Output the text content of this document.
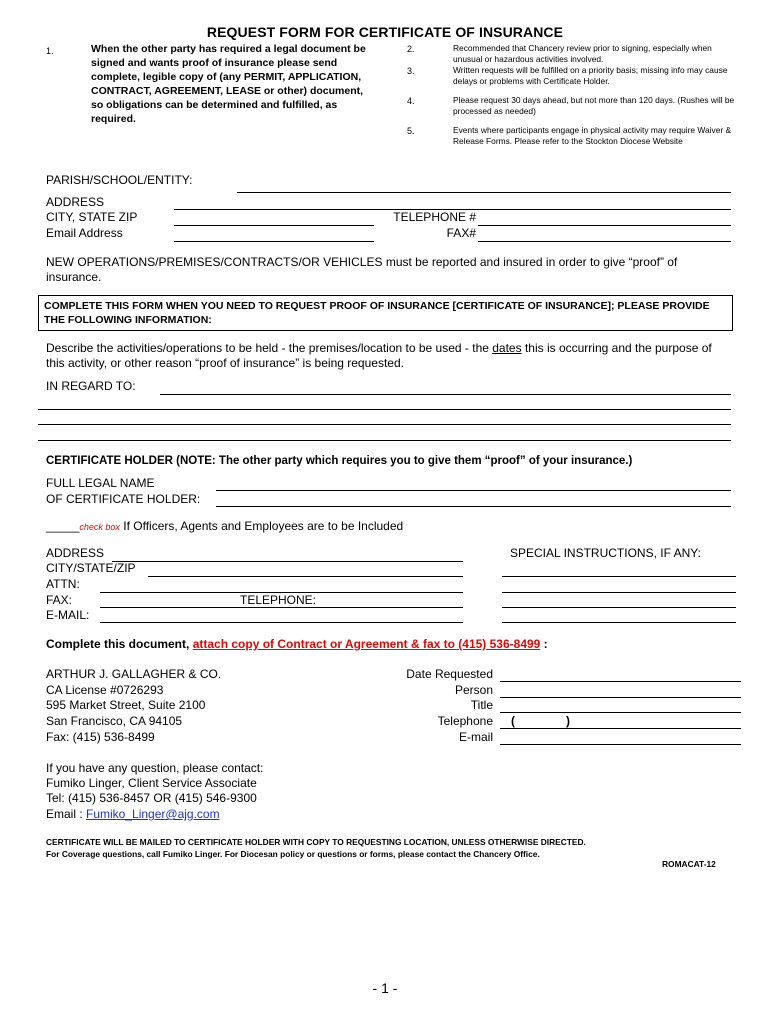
REQUEST FORM FOR CERTIFICATE OF INSURANCE
1.	When the other party has required a legal document be signed and wants proof of insurance please send complete, legible copy of (any PERMIT, APPLICATION, CONTRACT, AGREEMENT, LEASE or other) document, so obligations can be determined and fulfilled, as required.
2.	Recommended that Chancery review prior to signing, especially when unusual or hazardous activities involved.
3.	Written requests will be fulfilled on a priority basis; missing info may cause delays or problems with Certificate Holder.
4.	Please request 30 days ahead, but not more than 120 days. (Rushes will be processed as needed)
5.	Events where participants engage in physical activity may require Waiver & Release Forms. Please refer to the Stockton Diocese Website
PARISH/SCHOOL/ENTITY:
ADDRESS
CITY, STATE ZIP	TELEPHONE #
Email Address	FAX#
NEW OPERATIONS/PREMISES/CONTRACTS/OR VEHICLES must be reported and insured in order to give “proof” of insurance.
COMPLETE THIS FORM WHEN YOU NEED TO REQUEST PROOF OF INSURANCE [CERTIFICATE OF INSURANCE]; PLEASE PROVIDE THE FOLLOWING INFORMATION:
Describe the activities/operations to be held - the premises/location to be used - the dates this is occurring and the purpose of this activity, or other reason “proof of insurance” is being requested.
IN REGARD TO:
CERTIFICATE HOLDER (NOTE: The other party which requires you to give them “proof” of your insurance.)
FULL LEGAL NAME
OF CERTIFICATE HOLDER:
_____check box If Officers, Agents and Employees are to be Included
ADDRESS
CITY/STATE/ZIP
ATTN:
FAX:	TELEPHONE:
E-MAIL:
SPECIAL INSTRUCTIONS, IF ANY:
Complete this document, attach copy of Contract or Agreement & fax to (415) 536-8499 :
ARTHUR J. GALLAGHER & CO.
CA License #0726293
595 Market Street, Suite 2100
San Francisco, CA 94105
Fax: (415) 536-8499
Date Requested
Person
Title
Telephone (	)
E-mail
If you have any question, please contact:
Fumiko Linger, Client Service Associate
Tel: (415) 536-8457 OR (415) 546-9300
Email : Fumiko_Linger@ajg.com
CERTIFICATE WILL BE MAILED TO CERTIFICATE HOLDER WITH COPY TO REQUESTING LOCATION, UNLESS OTHERWISE DIRECTED.
For Coverage questions, call Fumiko Linger. For Diocesan policy or questions or forms, please contact the Chancery Office.
ROMACAT-12
- 1 -
